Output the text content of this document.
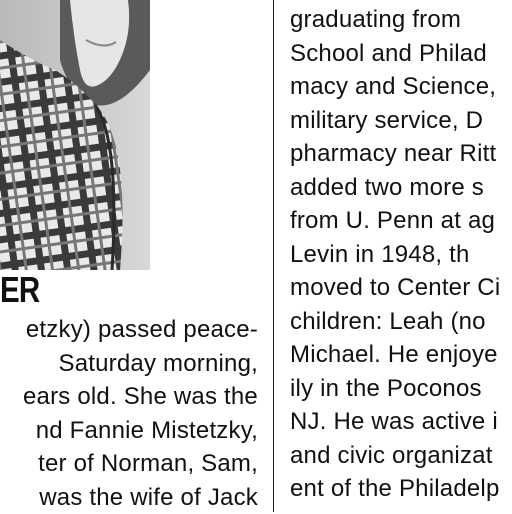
ER
etzky) passed peace-
Saturday morning,
ears old. She was the
nd Fannie Mistetzky,
ter of Norman, Sam,
was the wife of Jack
graduating from
School and Philad
macy and Science,
military service, D
pharmacy near Ritt
added two more s
from U. Penn at ag
Levin in 1948, th
moved to Center Ci
children: Leah (no
Michael. He enjoye
ily in the Poconos
NJ. He was active i
and civic organizat
ent of the Philadelp
